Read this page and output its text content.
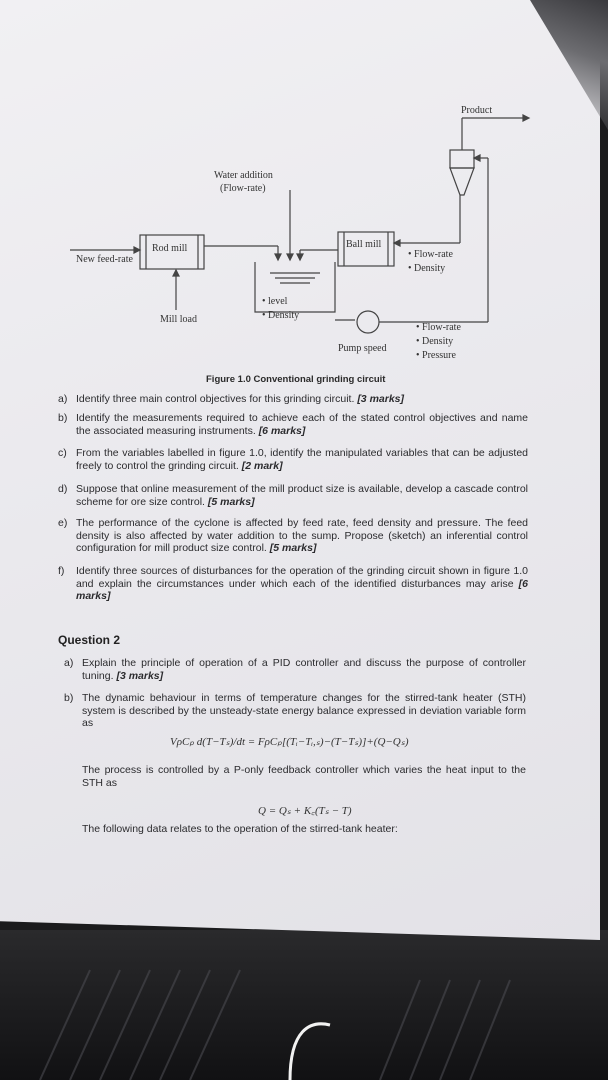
Product
Water addition
(Flow-rate)
Rod mill	Ball mill
New feed-rate
Mill load
• level
• Density
• Flow-rate
• Density
Pump speed
• Flow-rate
• Density
• Pressure
Figure 1.0 Conventional grinding circuit
a) Identify three main control objectives for this grinding circuit. [3 marks]
b) Identify the measurements required to achieve each of the stated control objectives and name the associated measuring instruments. [6 marks]
c) From the variables labelled in figure 1.0, identify the manipulated variables that can be adjusted freely to control the grinding circuit. [2 mark]
d) Suppose that online measurement of the mill product size is available, develop a cascade control scheme for ore size control. [5 marks]
e) The performance of the cyclone is affected by feed rate, feed density and pressure. The feed density is also affected by water addition to the sump. Propose (sketch) an inferential control configuration for mill product size control. [5 marks]
f)	Identify three sources of disturbances for the operation of the grinding circuit shown in figure 1.0 and explain the circumstances under which each of the identified disturbances may arise [6 marks]
Question 2
a) Explain the principle of operation of a PID controller and discuss the purpose of controller tuning. [3 marks]
b) The dynamic behaviour in terms of temperature changes for the stirred-tank heater (STH) system is described by the unsteady-state energy balance expressed in deviation variable form as
VρCₚ d(T−Tₛ)/dt = FρCₚ[(Tᵢ−Tᵢ,ₛ)−(T−Tₛ)]+(Q−Qₛ)
The process is controlled by a P-only feedback controller which varies the heat input to the STH as
Q = Qₛ + K꜀(Tₛ − T)
The following data relates to the operation of the stirred-tank heater:
